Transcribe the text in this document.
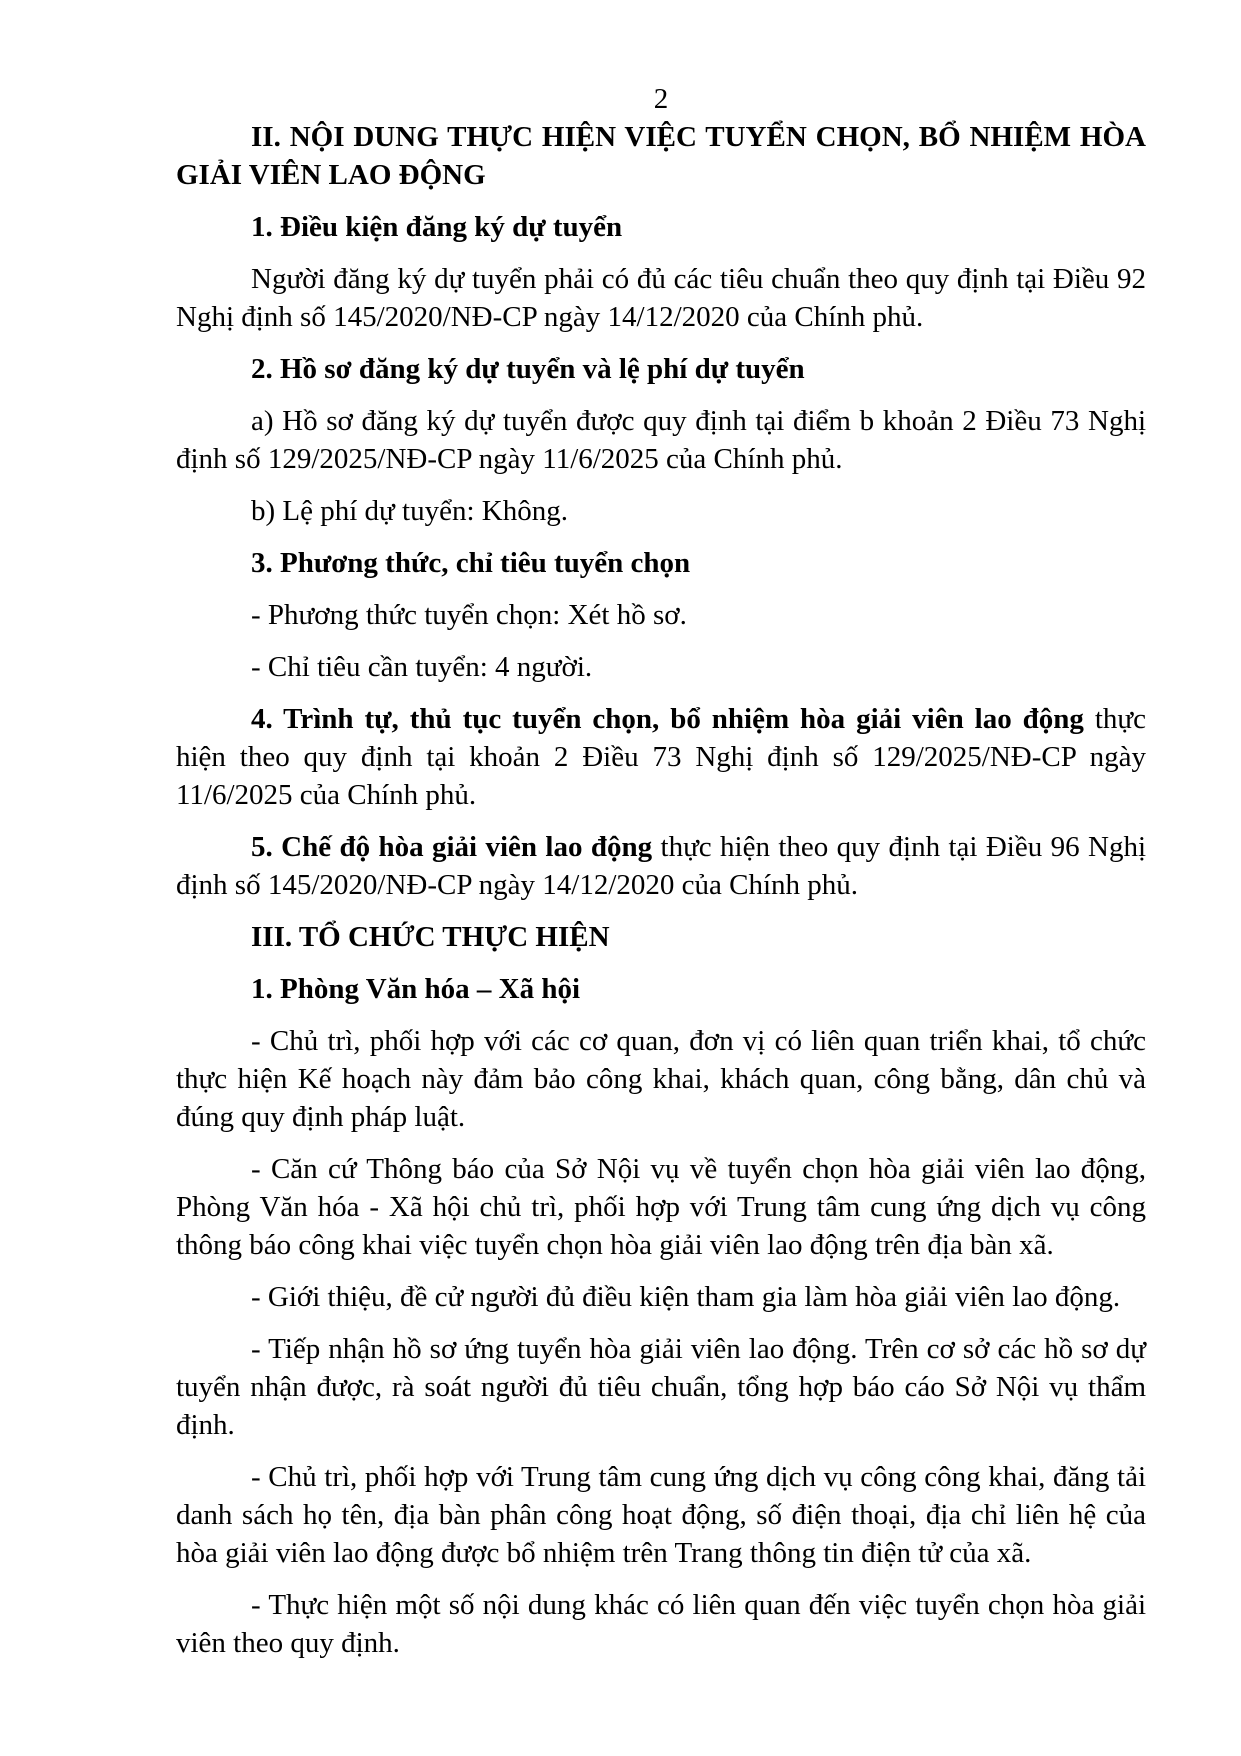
2

II. NỘI DUNG THỰC HIỆN VIỆC TUYỂN CHỌN, BỔ NHIỆM HÒA GIẢI VIÊN LAO ĐỘNG

1. Điều kiện đăng ký dự tuyển

Người đăng ký dự tuyển phải có đủ các tiêu chuẩn theo quy định tại Điều 92 Nghị định số 145/2020/NĐ-CP ngày 14/12/2020 của Chính phủ.

2. Hồ sơ đăng ký dự tuyển và lệ phí dự tuyển

a) Hồ sơ đăng ký dự tuyển được quy định tại điểm b khoản 2 Điều 73 Nghị định số 129/2025/NĐ-CP ngày 11/6/2025 của Chính phủ.

b) Lệ phí dự tuyển: Không.

3. Phương thức, chỉ tiêu tuyển chọn

- Phương thức tuyển chọn: Xét hồ sơ.

- Chỉ tiêu cần tuyển: 4 người.

4. Trình tự, thủ tục tuyển chọn, bổ nhiệm hòa giải viên lao động thực hiện theo quy định tại khoản 2 Điều 73 Nghị định số 129/2025/NĐ-CP ngày 11/6/2025 của Chính phủ.

5. Chế độ hòa giải viên lao động thực hiện theo quy định tại Điều 96 Nghị định số 145/2020/NĐ-CP ngày 14/12/2020 của Chính phủ.

III. TỔ CHỨC THỰC HIỆN

1. Phòng Văn hóa – Xã hội

- Chủ trì, phối hợp với các cơ quan, đơn vị có liên quan triển khai, tổ chức thực hiện Kế hoạch này đảm bảo công khai, khách quan, công bằng, dân chủ và đúng quy định pháp luật.

- Căn cứ Thông báo của Sở Nội vụ về tuyển chọn hòa giải viên lao động, Phòng Văn hóa - Xã hội chủ trì, phối hợp với Trung tâm cung ứng dịch vụ công thông báo công khai việc tuyển chọn hòa giải viên lao động trên địa bàn xã.

- Giới thiệu, đề cử người đủ điều kiện tham gia làm hòa giải viên lao động.

- Tiếp nhận hồ sơ ứng tuyển hòa giải viên lao động. Trên cơ sở các hồ sơ dự tuyển nhận được, rà soát người đủ tiêu chuẩn, tổng hợp báo cáo Sở Nội vụ thẩm định.

- Chủ trì, phối hợp với Trung tâm cung ứng dịch vụ công công khai, đăng tải danh sách họ tên, địa bàn phân công hoạt động, số điện thoại, địa chỉ liên hệ của hòa giải viên lao động được bổ nhiệm trên Trang thông tin điện tử của xã.

- Thực hiện một số nội dung khác có liên quan đến việc tuyển chọn hòa giải viên theo quy định.
